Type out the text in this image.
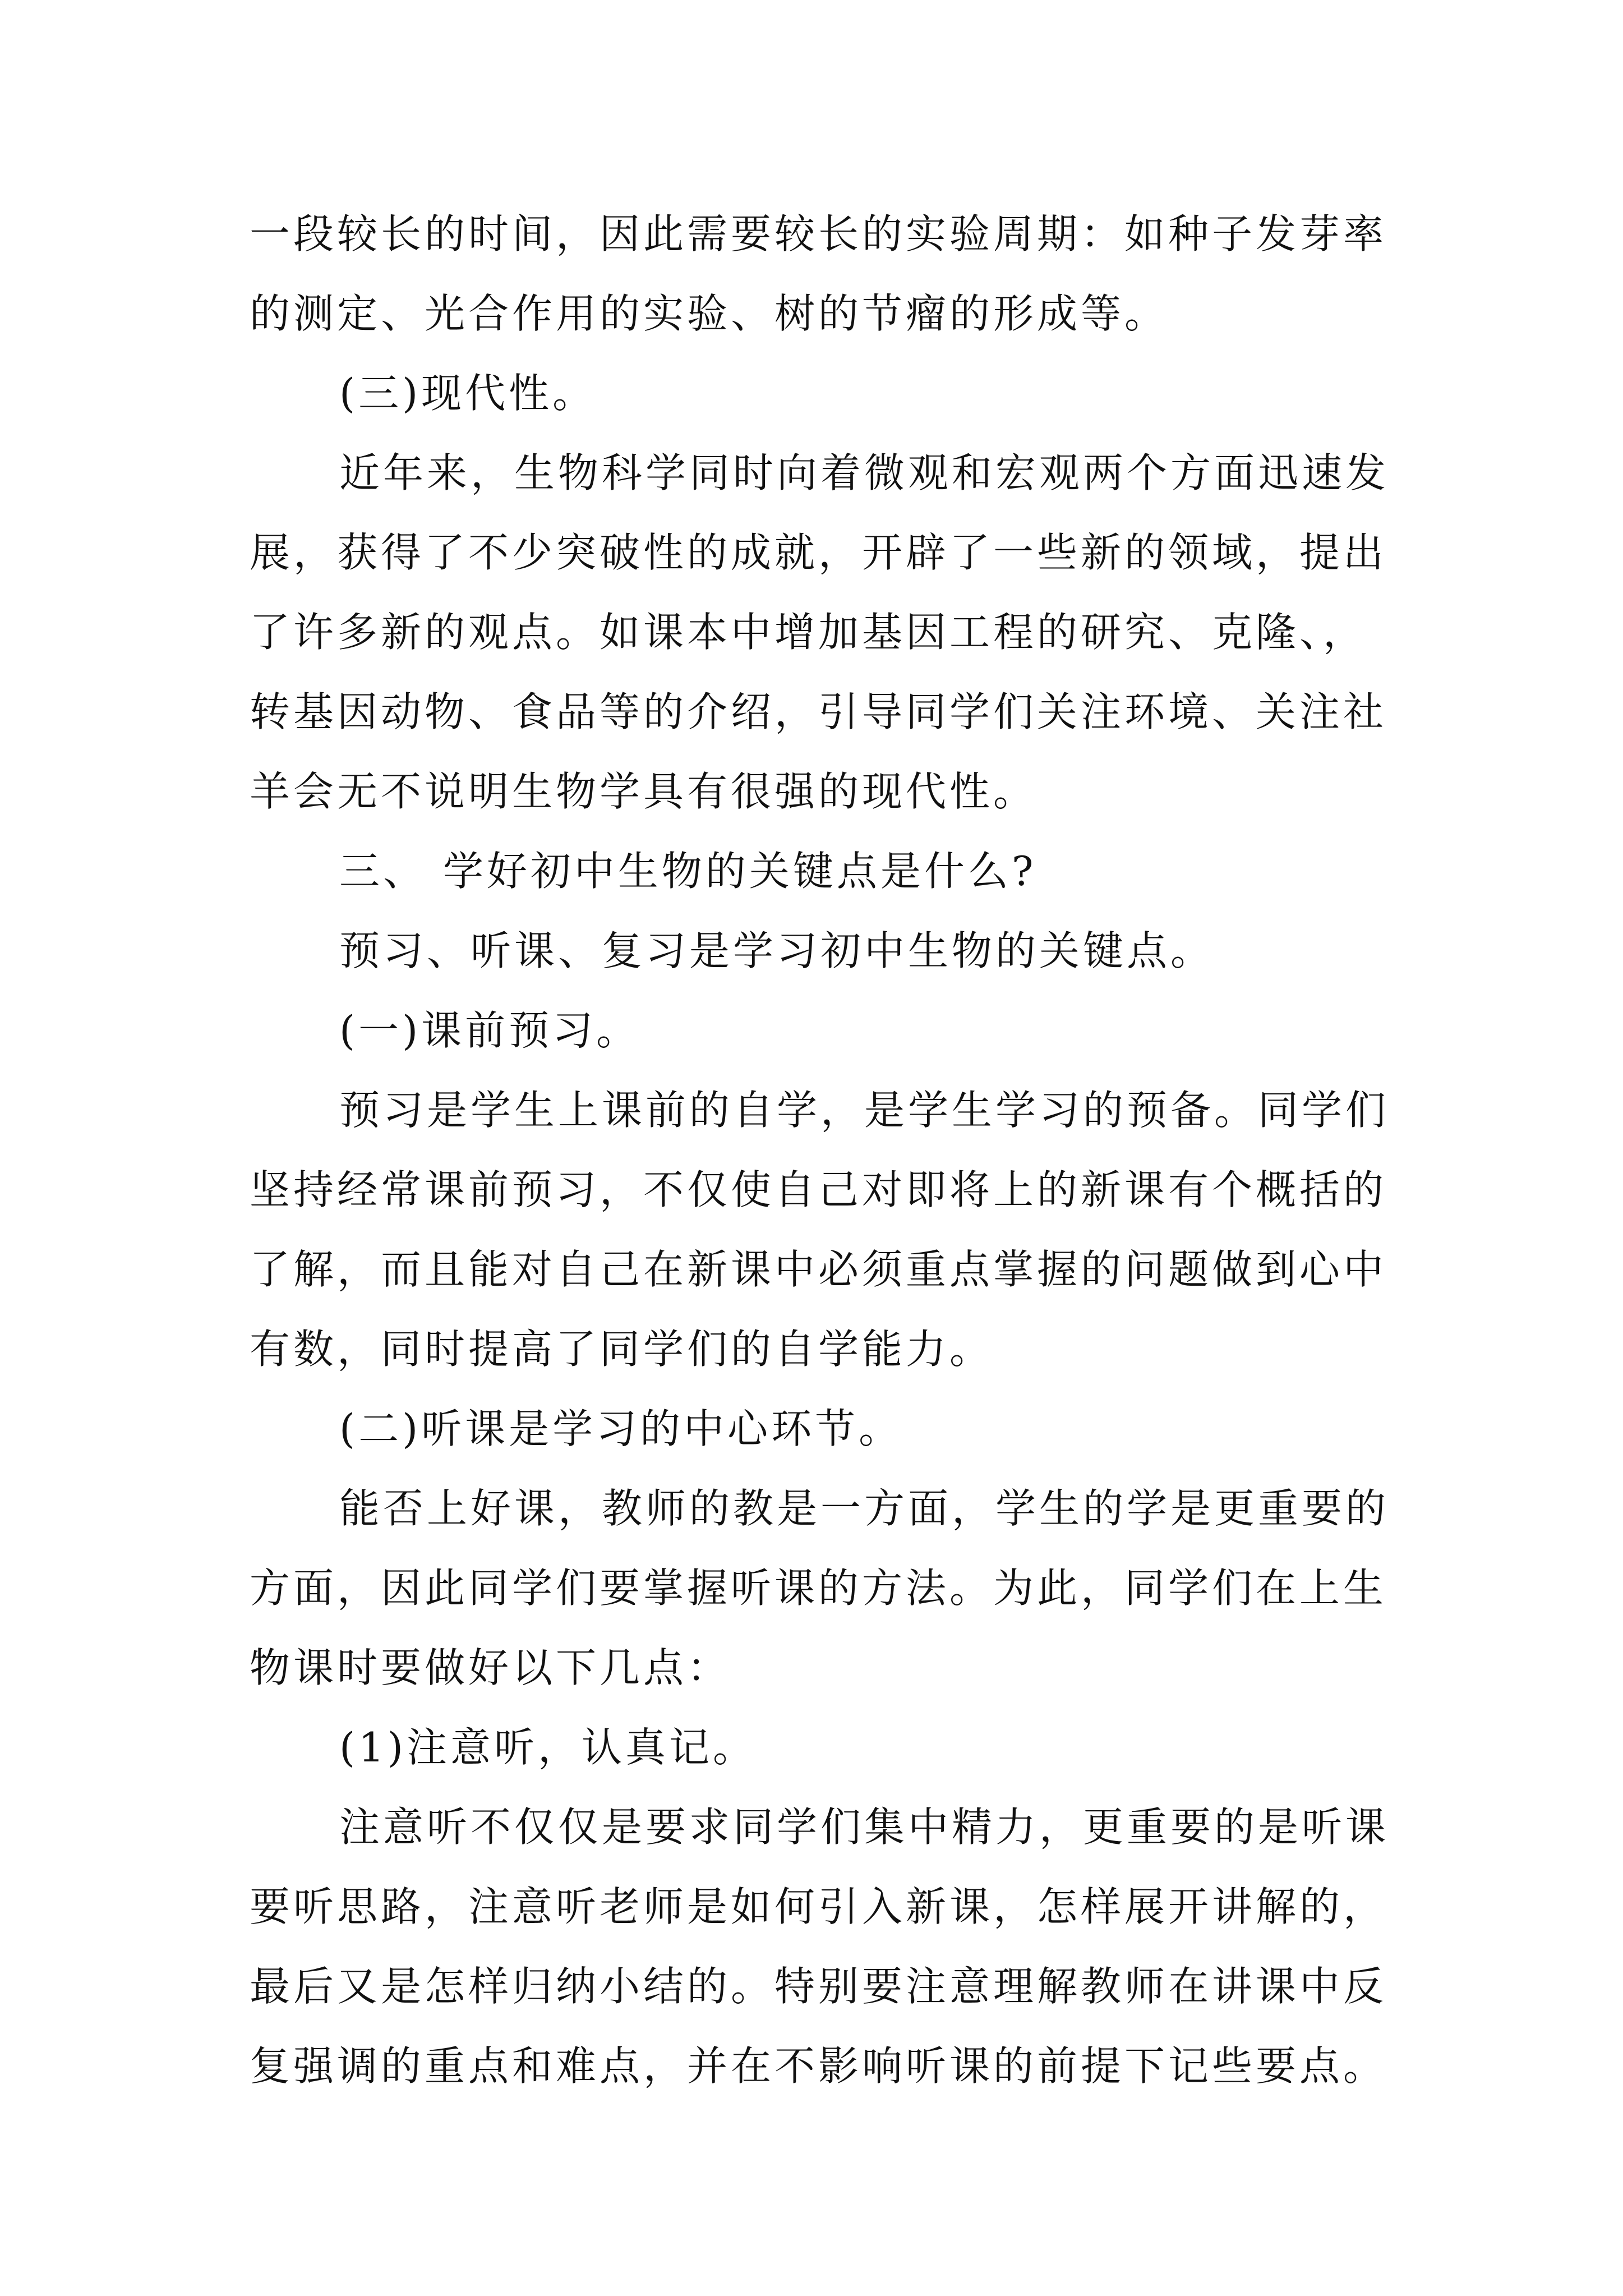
一段较长的时间，因此需要较长的实验周期：如种子发芽率
的测定、光合作用的实验、树的节瘤的形成等。
(三)现代性。
近年来，生物科学同时向着微观和宏观两个方面迅速发
展，获得了不少突破性的成就，开辟了一些新的领域，提出
了许多新的观点。如课本中增加基因工程的研究、克隆、，
转基因动物、食品等的介绍，引导同学们关注环境、关注社
羊会无不说明生物学具有很强的现代性。
三、 学好初中生物的关键点是什么?
预习、听课、复习是学习初中生物的关键点。
(一)课前预习。
预习是学生上课前的自学，是学生学习的预备。同学们
坚持经常课前预习，不仅使自己对即将上的新课有个概括的
了解，而且能对自己在新课中必须重点掌握的问题做到心中
有数，同时提高了同学们的自学能力。
(二)听课是学习的中心环节。
能否上好课，教师的教是一方面，学生的学是更重要的
方面，因此同学们要掌握听课的方法。为此，同学们在上生
物课时要做好以下几点：
(1)注意听，认真记。
注意听不仅仅是要求同学们集中精力，更重要的是听课
要听思路，注意听老师是如何引入新课，怎样展开讲解的，
最后又是怎样归纳小结的。特别要注意理解教师在讲课中反
复强调的重点和难点，并在不影响听课的前提下记些要点。
